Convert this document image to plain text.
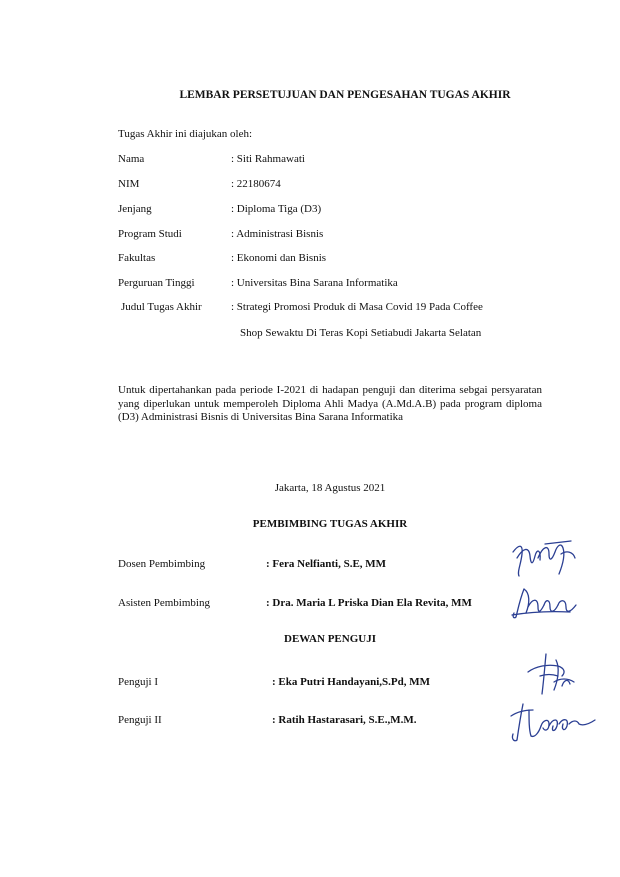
LEMBAR PERSETUJUAN DAN PENGESAHAN TUGAS AKHIR
Tugas Akhir ini diajukan oleh:
Nama	: Siti Rahmawati
NIM	: 22180674
Jenjang	: Diploma Tiga (D3)
Program Studi	: Administrasi Bisnis
Fakultas	: Ekonomi dan Bisnis
Perguruan Tinggi	: Universitas Bina Sarana Informatika
Judul Tugas Akhir	: Strategi Promosi Produk di Masa Covid 19 Pada Coffee
Shop Sewaktu Di Teras Kopi Setiabudi Jakarta Selatan
Untuk dipertahankan pada periode I-2021 di hadapan penguji dan diterima sebgai persyaratan yang diperlukan untuk memperoleh Diploma Ahli Madya (A.Md.A.B) pada program diploma (D3) Administrasi Bisnis di Universitas Bina Sarana Informatika
Jakarta, 18 Agustus 2021
PEMBIMBING TUGAS AKHIR
Dosen Pembimbing	: Fera Nelfianti, S.E, MM
Asisten Pembimbing	: Dra. Maria L Priska Dian Ela Revita, MM
DEWAN PENGUJI
Penguji I	: Eka Putri Handayani,S.Pd, MM
Penguji II	: Ratih Hastarasari, S.E.,M.M.
